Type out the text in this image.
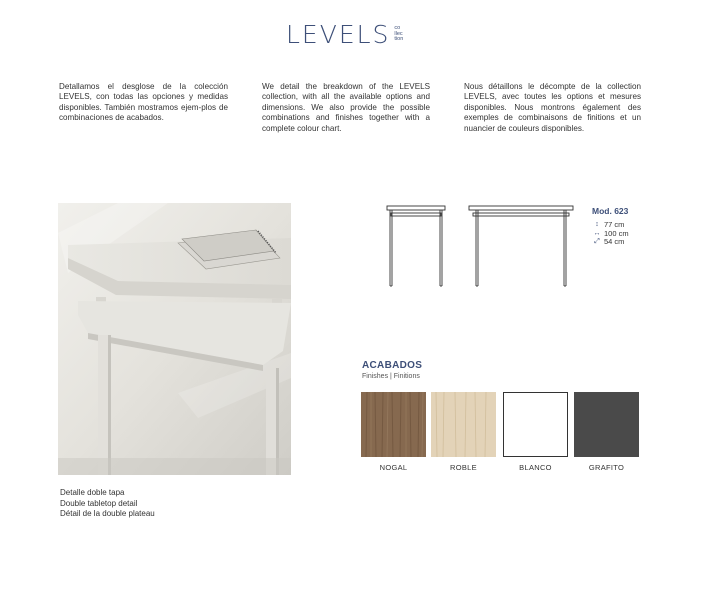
LEVELS co
llec
tion
Detallamos el desglose de la colección LEVELS, con todas las opciones y medidas disponibles. También mostramos ejem-plos de combinaciones de acabados.
We detail the breakdown of the LEVELS collection, with all the available options and dimensions. We also provide the possible combinations and finishes together with a complete colour chart.
Nous détaillons le décompte de la collection LEVELS, avec toutes les options et mesures disponibles. Nous montrons également des exemples de combinaisons de finitions et un nuancier de couleurs disponibles.
Detalle doble tapa
Double tabletop detail
Détail de la double plateau
Mod. 623
↕ 77 cm
↔ 100 cm
⤢ 54 cm
ACABADOS
Finishes | Finitions
NOGAL	ROBLE	BLANCO	GRAFITO
